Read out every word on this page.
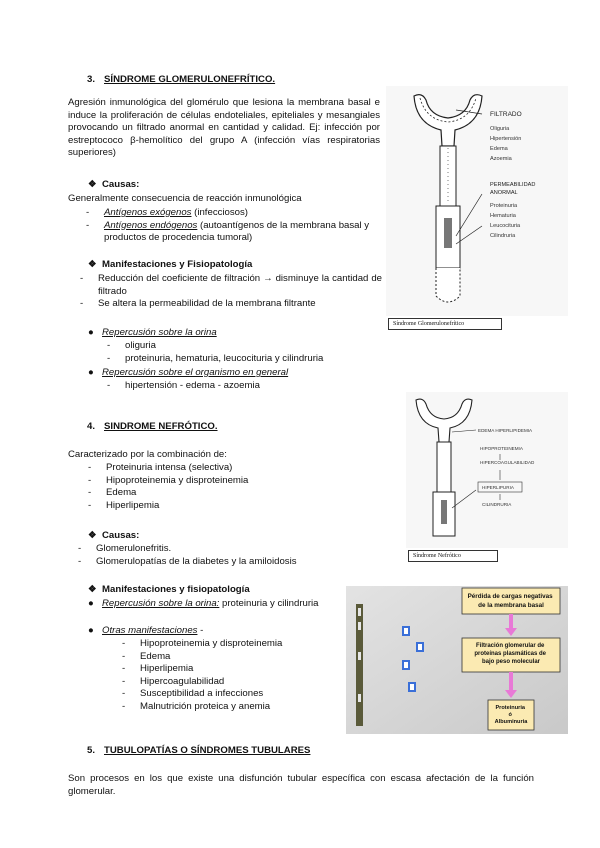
3. SÍNDROME GLOMERULONEFRÍTICO.
Agresión inmunológica del glomérulo que lesiona la membrana basal e induce la proliferación de células endoteliales, epiteliales y mesangiales provocando un filtrado anormal en cantidad y calidad. Ej: infección por estreptococo β-hemolítico del grupo A (infección vías respiratorias superiores)
❖ Causas:
Generalmente consecuencia de reacción inmunológica
- Antígenos exógenos (infecciosos)
- Antígenos endógenos (autoantígenos de la membrana basal y productos de procedencia tumoral)
❖ Manifestaciones y Fisiopatología
- Reducción del coeficiente de filtración → disminuye la cantidad de filtrado
- Se altera la permeabilidad de la membrana filtrante
● Repercusión sobre la orina
- oliguria
- proteinuria, hematuria, leucocituria y cilindruria
● Repercusión sobre el organismo en general
- hipertensión - edema - azoemia
FILTRADO
Oliguria
Hipertensión
Edema
Azoemia
PERMEABILIDAD
ANORMAL
Proteinuria
Hematuria
Leucocituria
Cilindruria
Síndrome Glomerulonefrítico
4. SINDROME NEFRÓTICO.
Caracterizado por la combinación de:
- Proteinuria intensa (selectiva)
- Hipoproteinemia y disproteinemia
- Edema
- Hiperlipemia
❖ Causas:
- Glomerulonefritis.
- Glomerulopatías de la diabetes y la amiloidosis
❖ Manifestaciones y fisiopatología
● Repercusión sobre la orina: proteinuria y cilindruria
● Otras manifestaciones -
- Hipoproteinemia y disproteinemia
- Edema
- Hiperlipemia
- Hipercoagulabilidad
- Susceptibilidad a infecciones
- Malnutrición proteica y anemia
EDEMA HIPERLIPIDEMIA
HIPOPROTEINEMIA
HIPERCOAGULABILIDAD
HIPERLIPURIA
CILINDRURIA
Síndrome Nefrótico
Pérdida de cargas negativas de la membrana basal
Filtración glomerular de proteínas plasmáticas de bajo peso molecular
Proteinuria ó Albuminuria
5. TUBULOPATÍAS O SÍNDROMES TUBULARES
Son procesos en los que existe una disfunción tubular específica con escasa afectación de la función glomerular.
